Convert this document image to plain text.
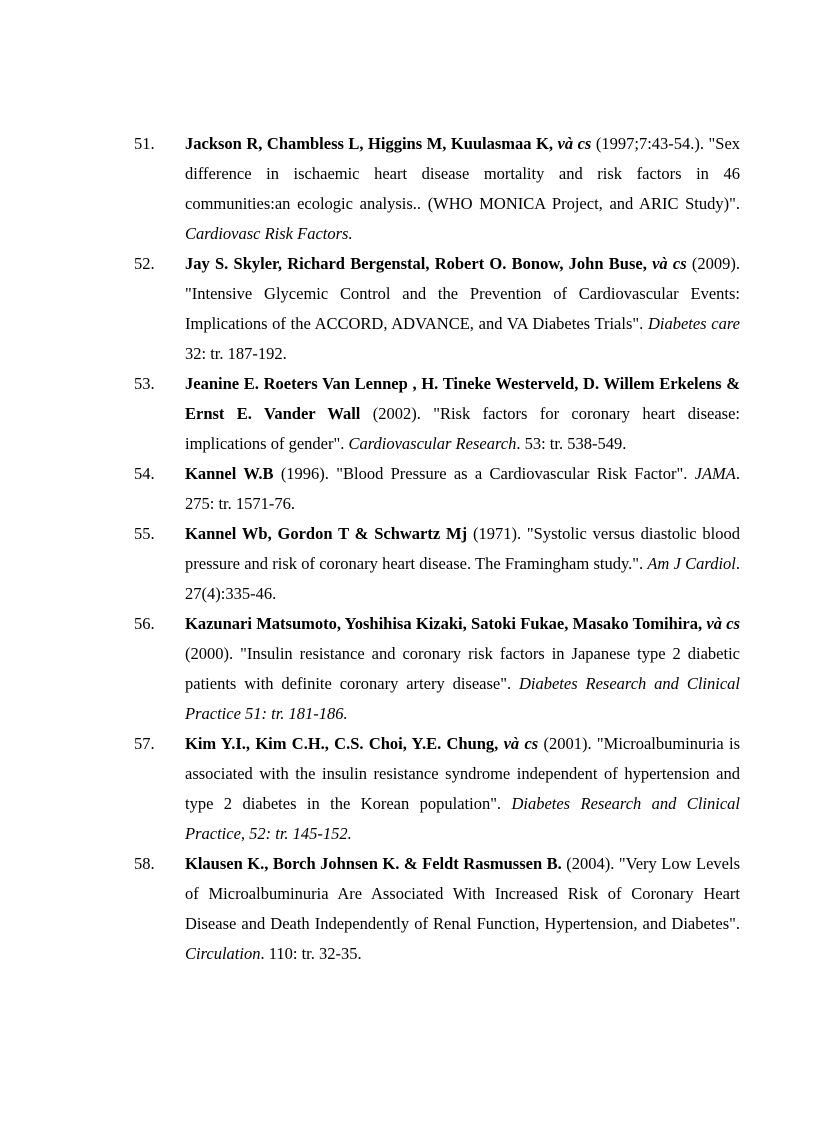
51.	Jackson R, Chambless L, Higgins M, Kuulasmaa K, và cs (1997;7:43-54.). "Sex difference in ischaemic heart disease mortality and risk factors in 46 communities:an ecologic analysis.. (WHO MONICA Project, and ARIC Study)". Cardiovasc Risk Factors.
52.	Jay S. Skyler, Richard Bergenstal, Robert O. Bonow, John Buse, và cs (2009). "Intensive Glycemic Control and the Prevention of Cardiovascular Events: Implications of the ACCORD, ADVANCE, and VA Diabetes Trials". Diabetes care 32: tr. 187-192.
53.	Jeanine E. Roeters Van Lennep , H. Tineke Westerveld, D. Willem Erkelens & Ernst E. Vander Wall (2002). "Risk factors for coronary heart disease: implications of gender". Cardiovascular Research. 53: tr. 538-549.
54.	Kannel W.B (1996). "Blood Pressure as a Cardiovascular Risk Factor". JAMA. 275: tr. 1571-76.
55.	Kannel Wb, Gordon T & Schwartz Mj (1971). "Systolic versus diastolic blood pressure and risk of coronary heart disease. The Framingham study.". Am J Cardiol. 27(4):335-46.
56.	Kazunari Matsumoto, Yoshihisa Kizaki, Satoki Fukae, Masako Tomihira, và cs (2000). "Insulin resistance and coronary risk factors in Japanese type 2 diabetic patients with definite coronary artery disease". Diabetes Research and Clinical Practice 51: tr. 181-186.
57.	Kim Y.I., Kim C.H., C.S. Choi, Y.E. Chung, và cs (2001). "Microalbuminuria is associated with the insulin resistance syndrome independent of hypertension and type 2 diabetes in the Korean population". Diabetes Research and Clinical Practice, 52: tr. 145-152.
58.	Klausen K., Borch Johnsen K. & Feldt Rasmussen B. (2004). "Very Low Levels of Microalbuminuria Are Associated With Increased Risk of Coronary Heart Disease and Death Independently of Renal Function, Hypertension, and Diabetes". Circulation. 110: tr. 32-35.
